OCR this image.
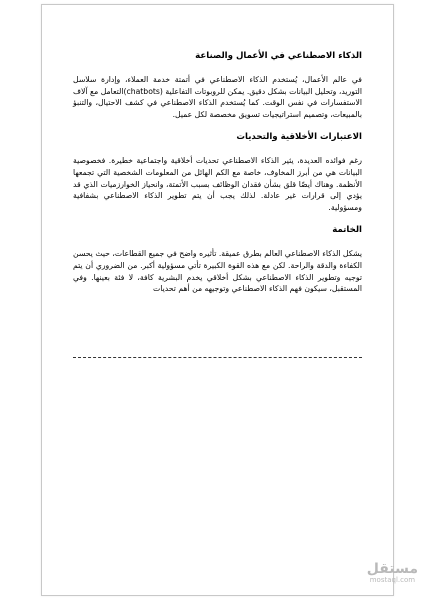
الذكاء الاصطناعي في الأعمال والصناعة

في عالم الأعمال، يُستخدم الذكاء الاصطناعي في أتمتة خدمة العملاء، وإدارة سلاسل التوريد، وتحليل البيانات بشكل دقيق. يمكن للروبوتات التفاعلية (chatbots)التعامل مع آلاف الاستفسارات في نفس الوقت. كما يُستخدم الذكاء الاصطناعي في كشف الاحتيال، والتنبؤ بالمبيعات، وتصميم استراتيجيات تسويق مخصصة لكل عميل.

الاعتبارات الأخلاقية والتحديات

رغم فوائده العديدة، يثير الذكاء الاصطناعي تحديات أخلاقية واجتماعية خطيرة. فخصوصية البيانات هي من أبرز المخاوف، خاصة مع الكم الهائل من المعلومات الشخصية التي تجمعها الأنظمة. وهناك أيضًا قلق بشأن فقدان الوظائف بسبب الأتمتة، وانحياز الخوارزميات الذي قد يؤدي إلى قرارات غير عادلة. لذلك يجب أن يتم تطوير الذكاء الاصطناعي بشفافية ومسؤولية.

الخاتمة

يشكل الذكاء الاصطناعي العالم بطرق عميقة. تأثيره واضح في جميع القطاعات، حيث يحسن الكفاءة والدقة والراحة. لكن مع هذه القوة الكبيرة تأتي مسؤولية أكبر. من الضروري أن يتم توجيه وتطوير الذكاء الاصطناعي بشكل أخلاقي يخدم البشرية كافة، لا فئة بعينها. وفي المستقبل، سيكون فهم الذكاء الاصطناعي وتوجيهه من أهم تحديات

مستقل
mostaql.com
